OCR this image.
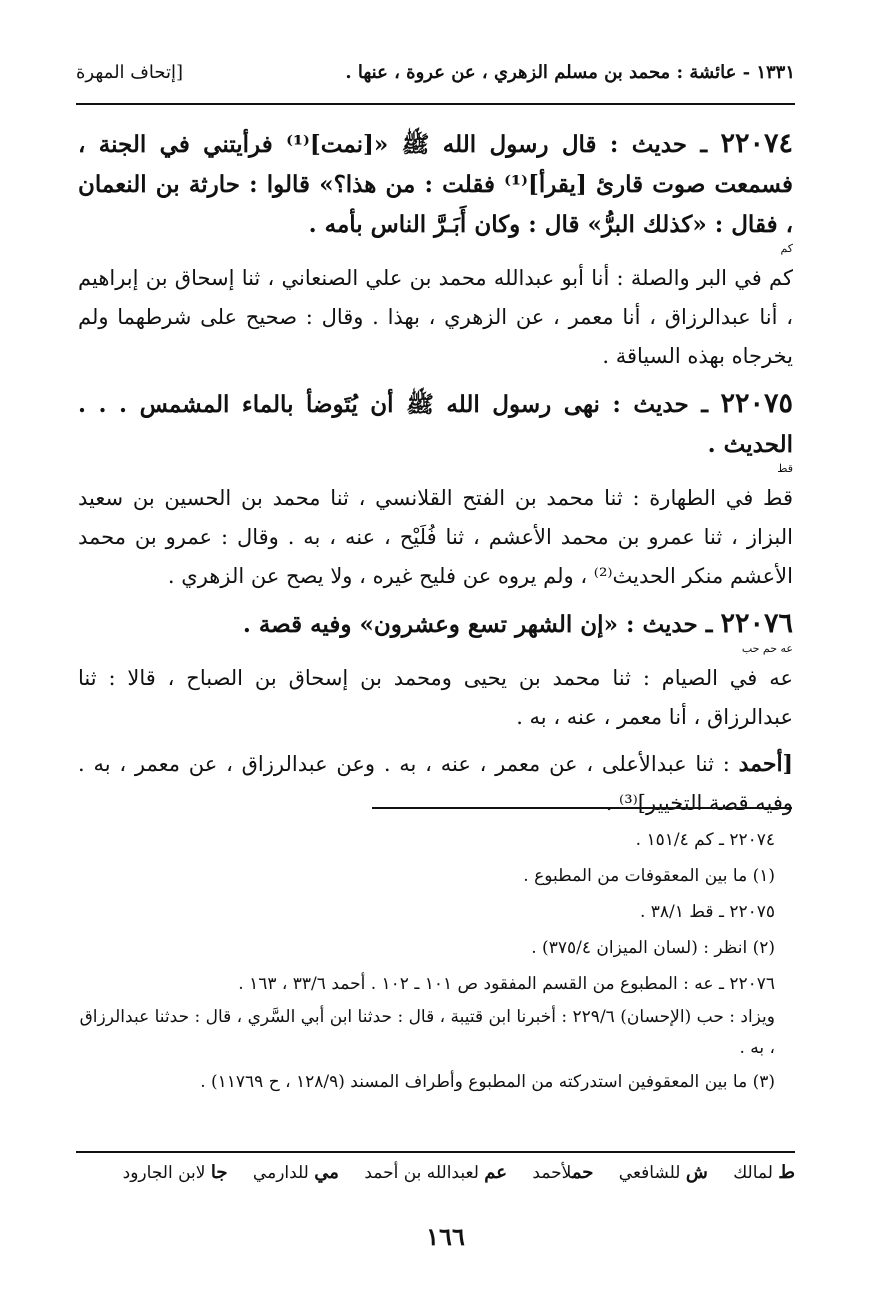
١٣٣١ - عائشة : محمد بن مسلم الزهري ، عن عروة ، عنها .
[إتحاف المهرة

٢٢٠٧٤ ـ حديث : قال رسول الله ﷺ «[نمت]⁽¹⁾ فرأيتني في الجنة ، فسمعت صوت قارئ [يقرأ]⁽¹⁾ فقلت : من هذا؟» قالوا : حارثة بن النعمان ، فقال : «كذلك البرُّ» قال : وكان أَبَـرَّ الناس بأمه .

كم

كم في البر والصلة : أنا أبو عبدالله محمد بن علي الصنعاني ، ثنا إسحاق بن إبراهيم ، أنا عبدالرزاق ، أنا معمر ، عن الزهري ، بهذا . وقال : صحيح على شرطهما ولم يخرجاه بهذه السياقة .

٢٢٠٧٥ ـ حديث : نهى رسول الله ﷺ أن يُتَوضأ بالماء المشمس . . . الحديث .

قط

قط في الطهارة : ثنا محمد بن الفتح القلانسي ، ثنا محمد بن الحسين بن سعيد البزاز ، ثنا عمرو بن محمد الأعشم ، ثنا فُلَيْح ، عنه ، به . وقال : عمرو بن محمد الأعشم منكر الحديث⁽²⁾ ، ولم يروه عن فليح غيره ، ولا يصح عن الزهري .

٢٢٠٧٦ ـ حديث : «إن الشهر تسع وعشرون» وفيه قصة .

عه حم حب

عه في الصيام : ثنا محمد بن يحيى ومحمد بن إسحاق بن الصباح ، قالا : ثنا عبدالرزاق ، أنا معمر ، عنه ، به .

[أحمد : ثنا عبدالأعلى ، عن معمر ، عنه ، به . وعن عبدالرزاق ، عن معمر ، به . وفيه قصة التخيير]⁽³⁾ .

٢٢٠٧٤ ـ كم ١٥١/٤ .

(١) ما بين المعقوفات من المطبوع .

٢٢٠٧٥ ـ قط ٣٨/١ .

(٢) انظر : (لسان الميزان ٣٧٥/٤) .

٢٢٠٧٦ ـ عه : المطبوع من القسم المفقود ص ١٠١ ـ ١٠٢ . أحمد ٣٣/٦ ، ١٦٣ .

ويزاد : حب (الإحسان) ٢٢٩/٦ : أخبرنا ابن قتيبة ، قال : حدثنا ابن أبي السَّري ، قال : حدثنا عبدالرزاق ، به .

(٣) ما بين المعقوفين استدركته من المطبوع وأطراف المسند (١٢٨/٩ ، ح ١١٧٦٩) .

ط لمالك ش للشافعي حملأحمد عم لعبدالله بن أحمد مي للدارمي جا لابن الجارود
١٦٦
